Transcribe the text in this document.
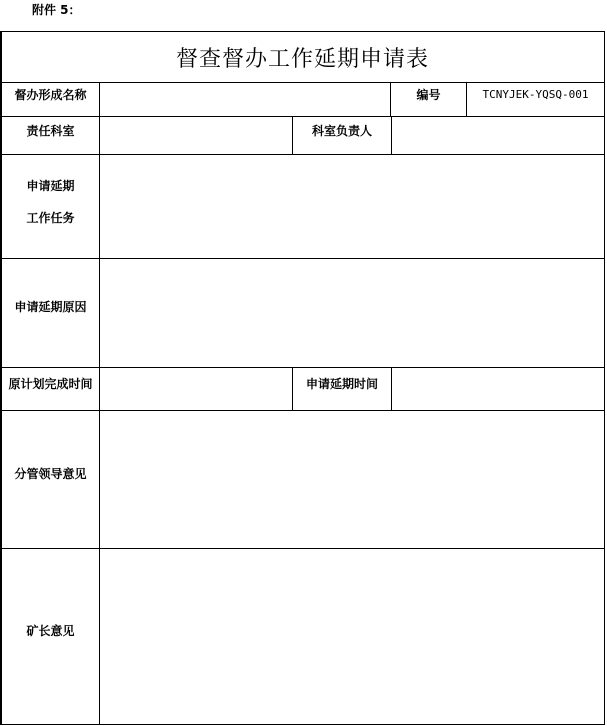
附件 5：
督查督办工作延期申请表
督办形成名称	编号	TCNYJEK-YQSQ-001
责任科室	科室负责人
申请延期
工作任务
申请延期原因
原计划完成时间	申请延期时间
分管领导意见
矿长意见
